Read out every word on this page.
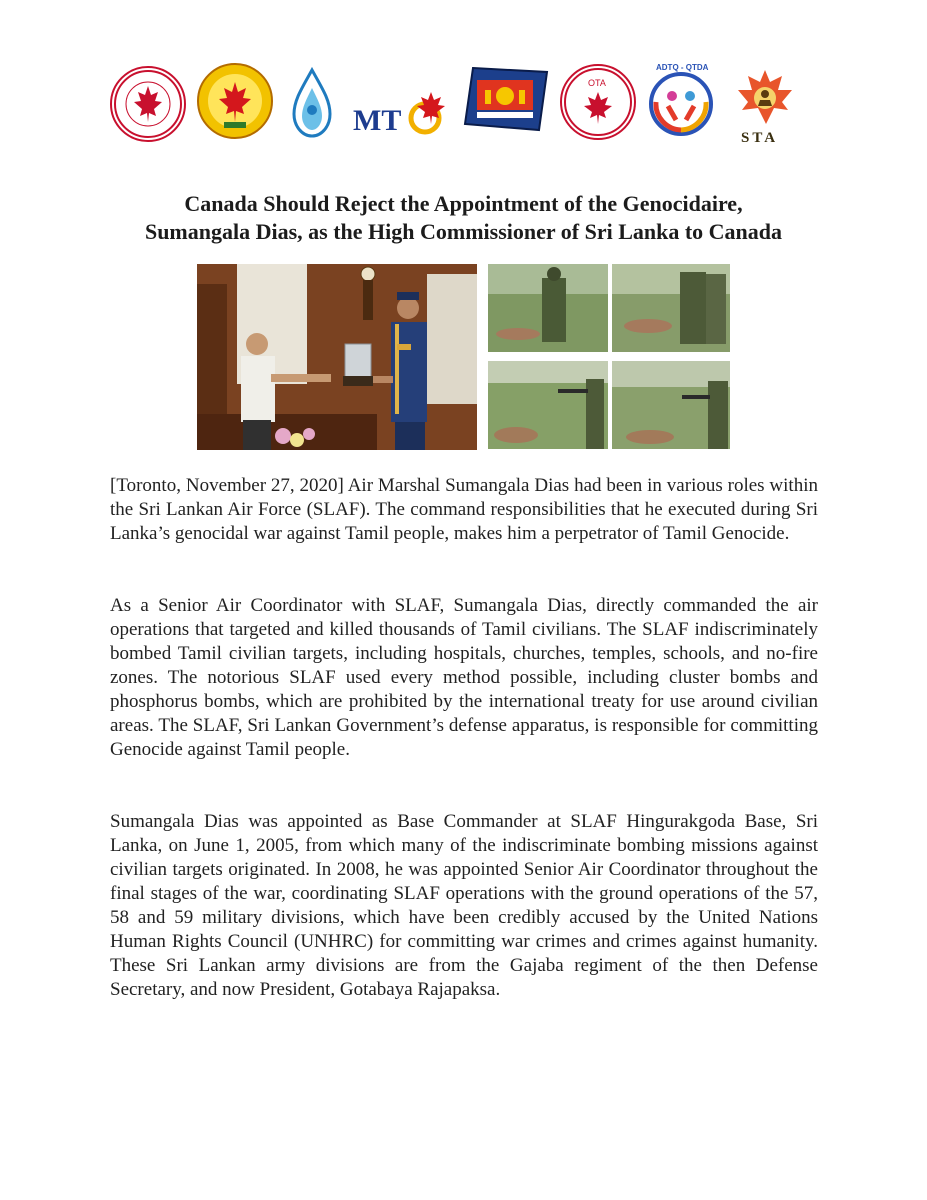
MT
OTA
ADTQ - QTDA
STA
Canada Should Reject the Appointment of the Genocidaire,
Sumangala Dias, as the High Commissioner of Sri Lanka to Canada

[Toronto, November 27, 2020] Air Marshal Sumangala Dias had been in various roles within the Sri Lankan Air Force (SLAF). The command responsibilities that he executed during Sri Lanka’s genocidal war against Tamil people, makes him a perpetrator of Tamil Genocide.

As a Senior Air Coordinator with SLAF, Sumangala Dias, directly commanded the air operations that targeted and killed thousands of Tamil civilians. The SLAF indiscriminately bombed Tamil civilian targets, including hospitals, churches, temples, schools, and no-fire zones. The notorious SLAF used every method possible, including cluster bombs and phosphorus bombs, which are prohibited by the international treaty for use around civilian areas. The SLAF, Sri Lankan Government’s defense apparatus, is responsible for committing Genocide against Tamil people.

Sumangala Dias was appointed as Base Commander at SLAF Hingurakgoda Base, Sri Lanka, on June 1, 2005, from which many of the indiscriminate bombing missions against civilian targets originated. In 2008, he was appointed Senior Air Coordinator throughout the final stages of the war, coordinating SLAF operations with the ground operations of the 57, 58 and 59 military divisions, which have been credibly accused by the United Nations Human Rights Council (UNHRC) for committing war crimes and crimes against humanity. These Sri Lankan army divisions are from the Gajaba regiment of the then Defense Secretary, and now President, Gotabaya Rajapaksa.
